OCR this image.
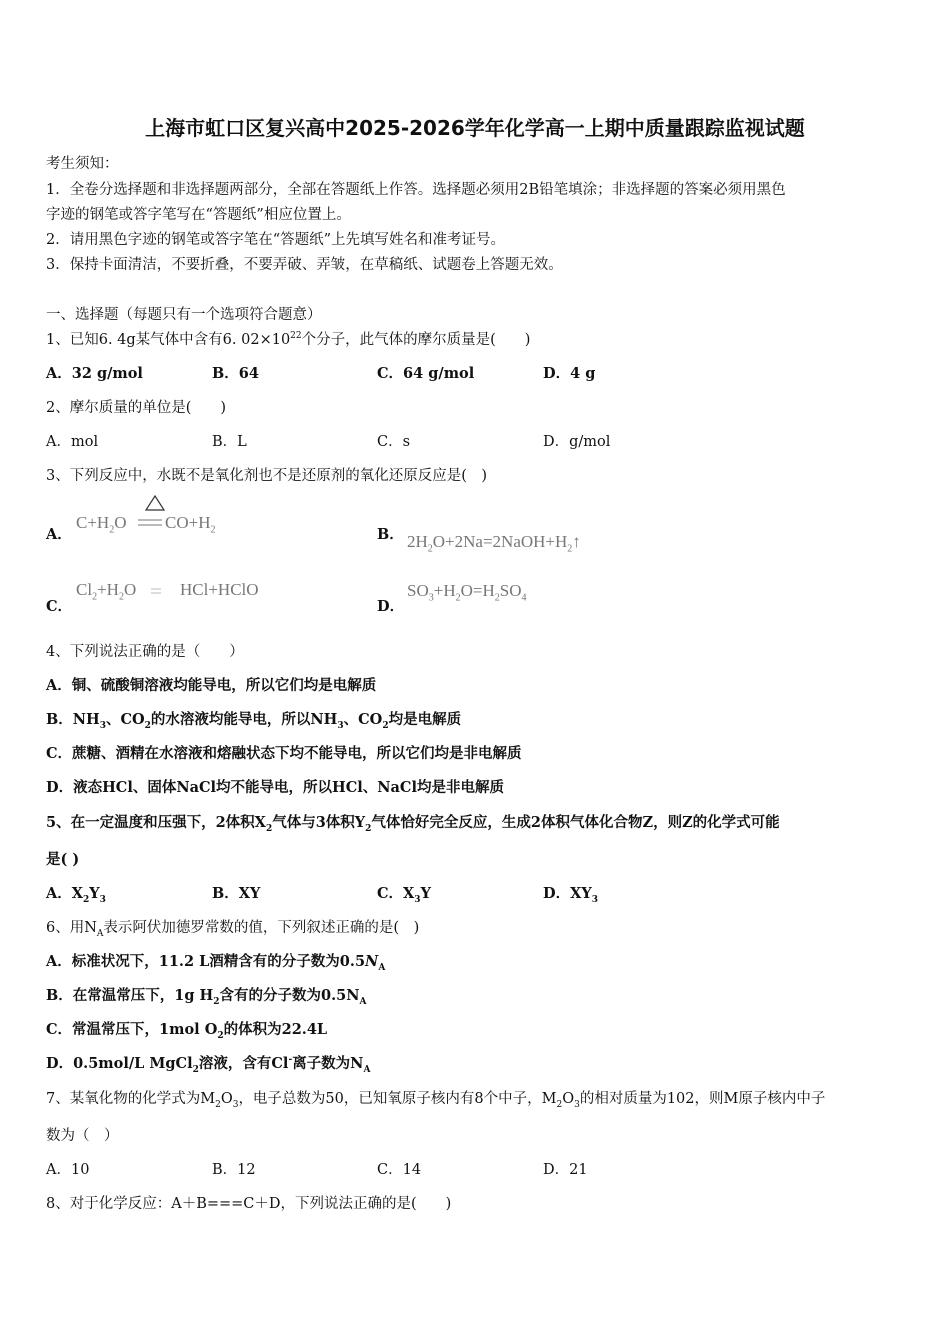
上海市虹口区复兴高中2025-2026学年化学高一上期中质量跟踪监视试题
考生须知：
1．全卷分选择题和非选择题两部分，全部在答题纸上作答。选择题必须用2B铅笔填涂；非选择题的答案必须用黑色
字迹的钢笔或答字笔写在“答题纸”相应位置上。
2．请用黑色字迹的钢笔或答字笔在“答题纸”上先填写姓名和准考证号。
3．保持卡面清洁，不要折叠，不要弄破、弄皱，在草稿纸、试题卷上答题无效。
一、选择题（每题只有一个选项符合题意）
1、已知6. 4g某气体中含有6. $02\times 10^{22}$个分子，此气体的摩尔质量是(　　)
A．32 g/mol	B．64	C．64 g/mol	D．4 g
2、摩尔质量的单位是(　　)
A．mol	B．L	C．s	D．g/mol
3、下列反应中，水既不是氧化剂也不是还原剂的氧化还原反应是(　)
A．
$C+H_2O$ $CO+H_2$	B． $2H_2O+2Na=2NaOH+H_2↑$
C．
$Cl_2+H_2O$	HCl+HClO
D．
$SO_3+H_2O=H_2SO_4$
4、下列说法正确的是（　　）
A．铜、硫酸铜溶液均能导电，所以它们均是电解质
B．$NH_3$、$CO_2$的水溶液均能导电，所以$NH_3$、$CO_2$均是电解质
C．蔗糖、酒精在水溶液和熔融状态下均不能导电，所以它们均是非电解质
D．液态HCl、固体NaCl均不能导电，所以HCl、NaCl均是非电解质
5、在一定温度和压强下，2体积$X_2$气体与3体积$Y_2$气体恰好完全反应，生成2体积气体化合物Z，则Z的化学式可能
是( )
A．$X_2Y_3$	B．XY	C．$X_3Y$	D．$XY_3$
6、用$N_A$表示阿伏加德罗常数的值，下列叙述正确的是(　)
A．标准状况下，11.2 L酒精含有的分子数为$0.5N_A$
B．在常温常压下，1g $H_2$含有的分子数为$0.5N_A$
C．常温常压下，1mol $O_2$的体积为22.4L
D．0.5mol/L MgCl$_2$溶液，含有Cl-离子数为$N_A$
7、某氧化物的化学式为$M_2O_3$，电子总数为50，已知氧原子核内有8个中子，$M_2O_3$的相对质量为102，则M原子核内中子
数为（　）
A．10	B．12	C．14	D．21
8、对于化学反应：A＋B===C＋D，下列说法正确的是(　　)
